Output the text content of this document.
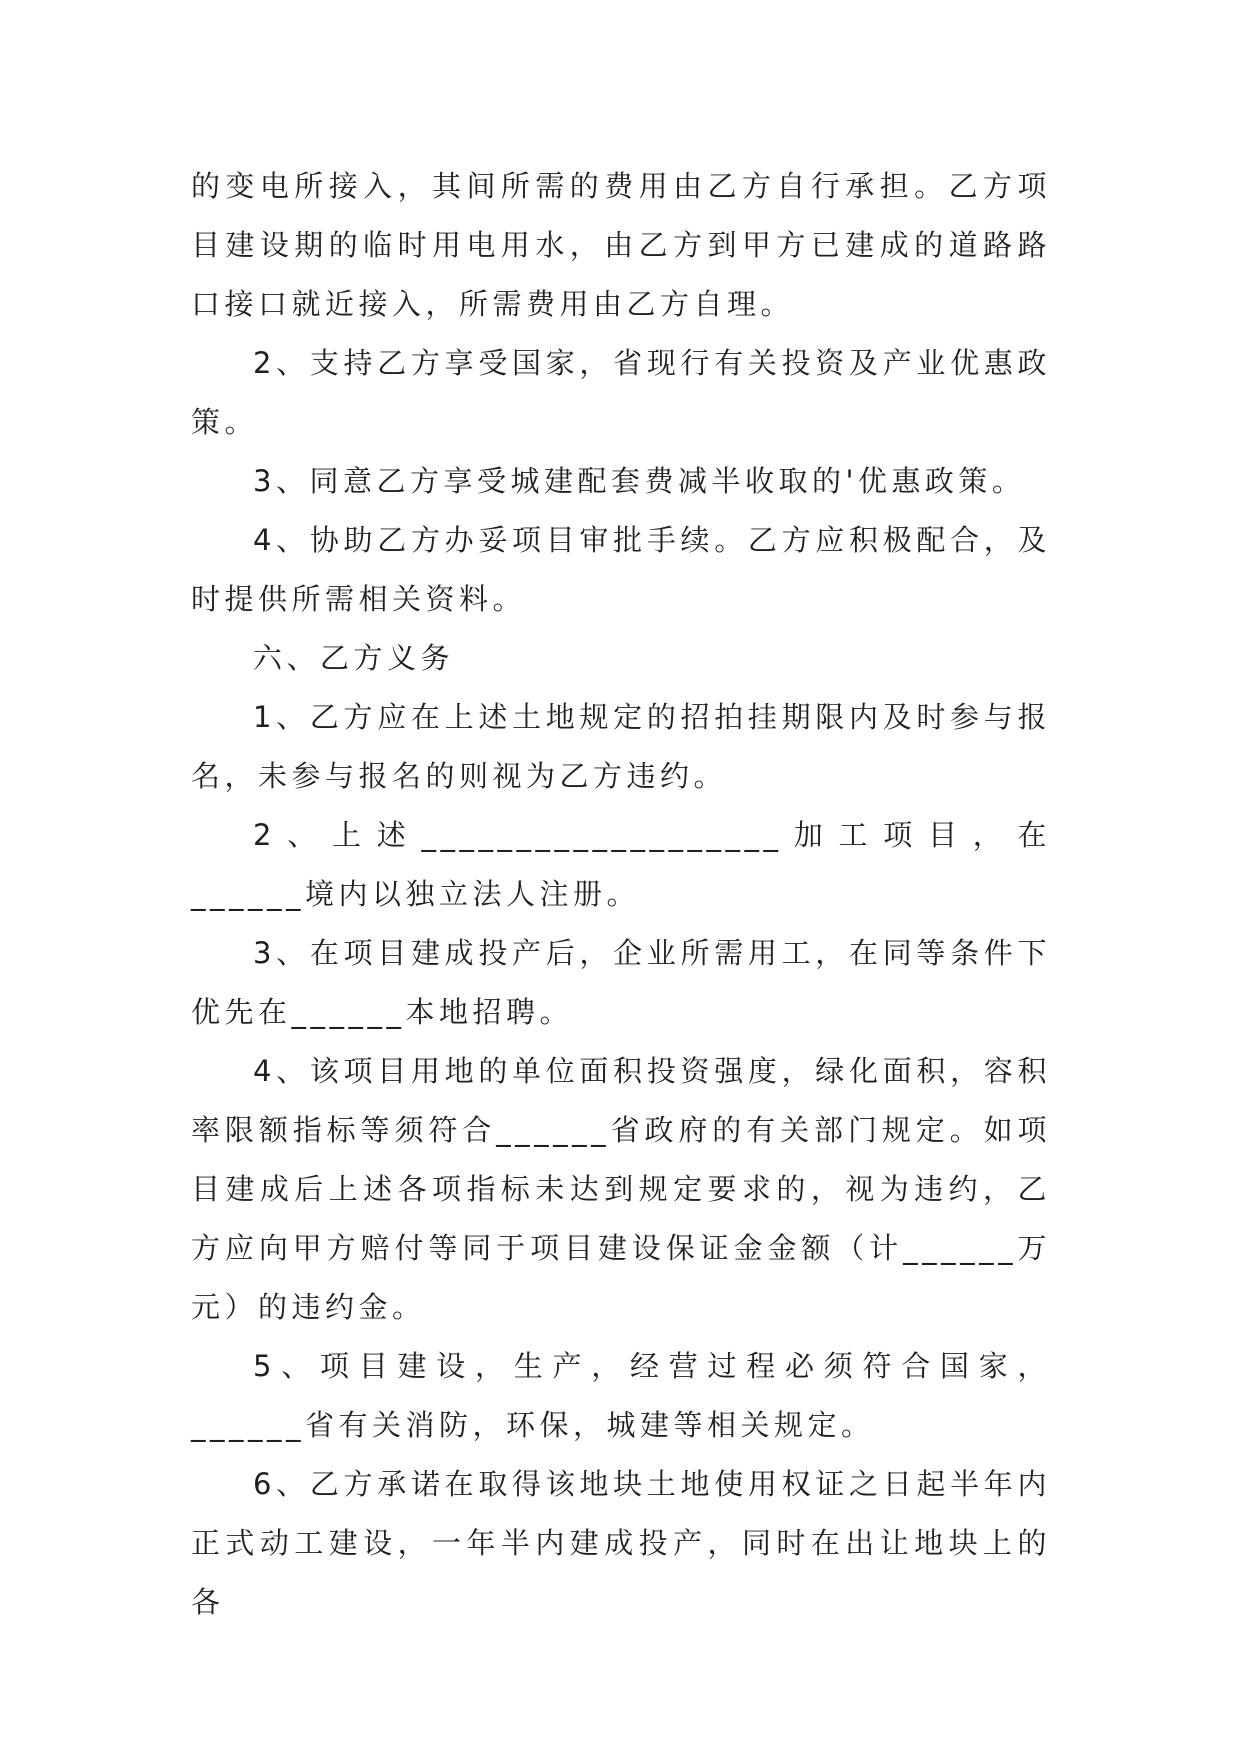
的变电所接入，其间所需的费用由乙方自行承担。乙方项目建设期的临时用电用水，由乙方到甲方已建成的道路路口接口就近接入，所需费用由乙方自理。

2、支持乙方享受国家，省现行有关投资及产业优惠政策。

3、同意乙方享受城建配套费减半收取的'优惠政策。

4、协助乙方办妥项目审批手续。乙方应积极配合，及时提供所需相关资料。

六、乙方义务

1、乙方应在上述土地规定的招拍挂期限内及时参与报名，未参与报名的则视为乙方违约。

2、上述___________________加工项目，在______境内以独立法人注册。

3、在项目建成投产后，企业所需用工，在同等条件下优先在______本地招聘。

4、该项目用地的单位面积投资强度，绿化面积，容积率限额指标等须符合______省政府的有关部门规定。如项目建成后上述各项指标未达到规定要求的，视为违约，乙方应向甲方赔付等同于项目建设保证金金额（计______万元）的违约金。

5、项目建设，生产，经营过程必须符合国家，______省有关消防，环保，城建等相关规定。

6、乙方承诺在取得该地块土地使用权证之日起半年内正式动工建设，一年半内建成投产，同时在出让地块上的各
